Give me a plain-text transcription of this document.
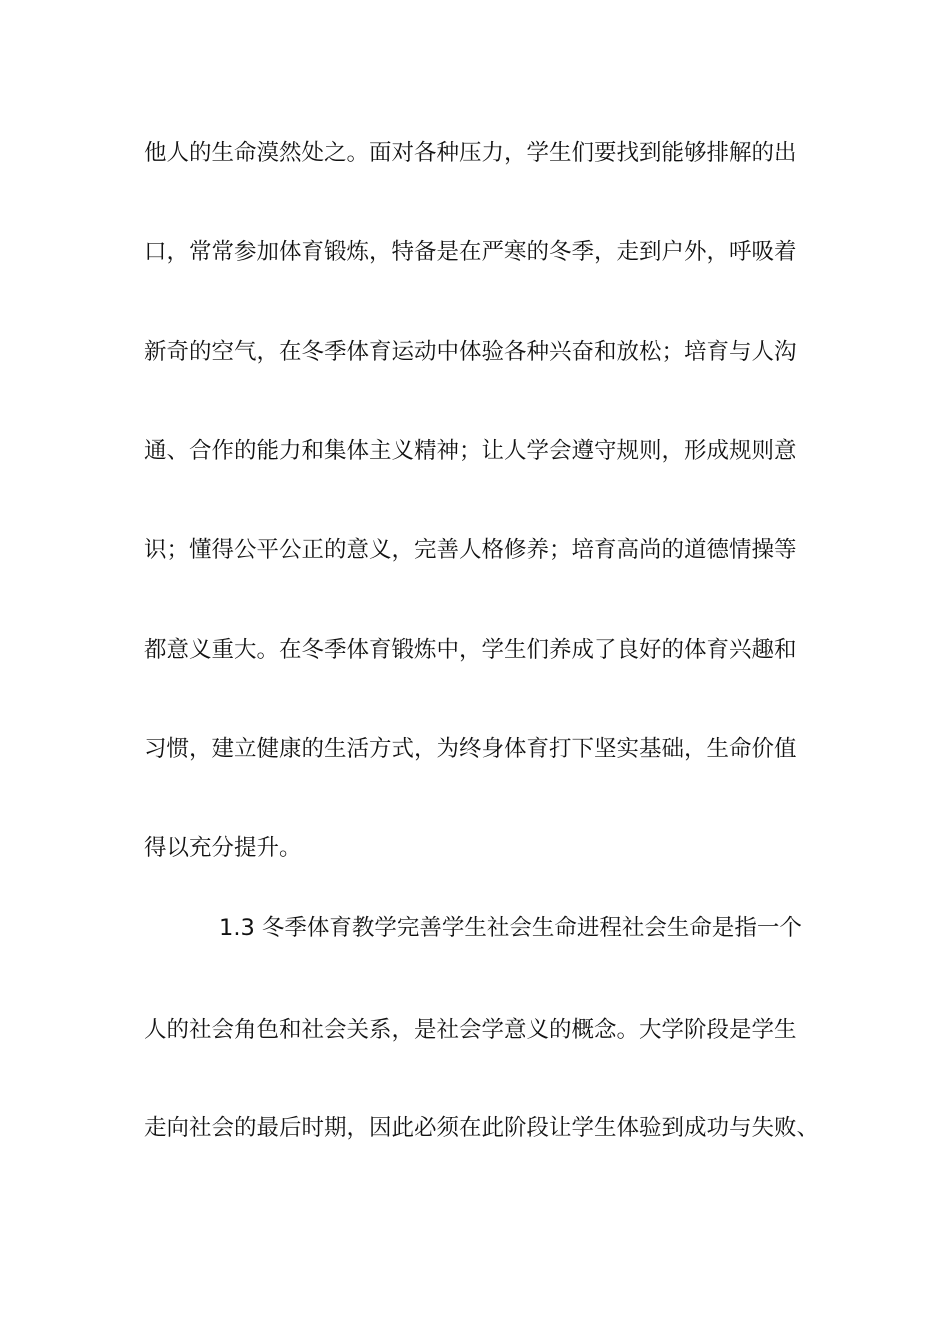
他人的生命漠然处之。面对各种压力，学生们要找到能够排解的出
口，常常参加体育锻炼，特备是在严寒的冬季，走到户外，呼吸着
新奇的空气，在冬季体育运动中体验各种兴奋和放松；培育与人沟
通、合作的能力和集体主义精神；让人学会遵守规则，形成规则意
识；懂得公平公正的意义，完善人格修养；培育高尚的道德情操等
都意义重大。在冬季体育锻炼中，学生们养成了良好的体育兴趣和
习惯，建立健康的生活方式，为终身体育打下坚实基础，生命价值
得以充分提升。
1.3 冬季体育教学完善学生社会生命进程社会生命是指一个
人的社会角色和社会关系，是社会学意义的概念。大学阶段是学生
走向社会的最后时期，因此必须在此阶段让学生体验到成功与失败、
